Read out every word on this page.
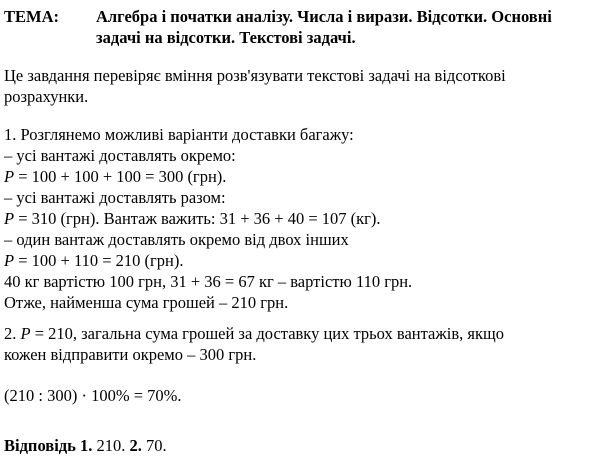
ТЕМА:	Алгебра і початки аналізу. Числа і вирази. Відсотки. Основні
задачі на відсотки. Текстові задачі.
Це завдання перевіряє вміння розв'язувати текстові задачі на відсоткові
розрахунки.
1. Розглянемо можливі варіанти доставки багажу:
– усі вантажі доставлять окремо:
P = 100 + 100 + 100 = 300 (грн).
– усі вантажі доставлять разом:
P = 310 (грн). Вантаж важить: 31 + 36 + 40 = 107 (кг).
– один вантаж доставлять окремо від двох інших
P = 100 + 110 = 210 (грн).
40 кг вартістю 100 грн, 31 + 36 = 67 кг – вартістю 110 грн.
Отже, найменша сума грошей – 210 грн.
2. P = 210, загальна сума грошей за доставку цих трьох вантажів, якщо
кожен відправити окремо – 300 грн.
(210 : 300) · 100% = 70%.
Відповідь 1. 210. 2. 70.
